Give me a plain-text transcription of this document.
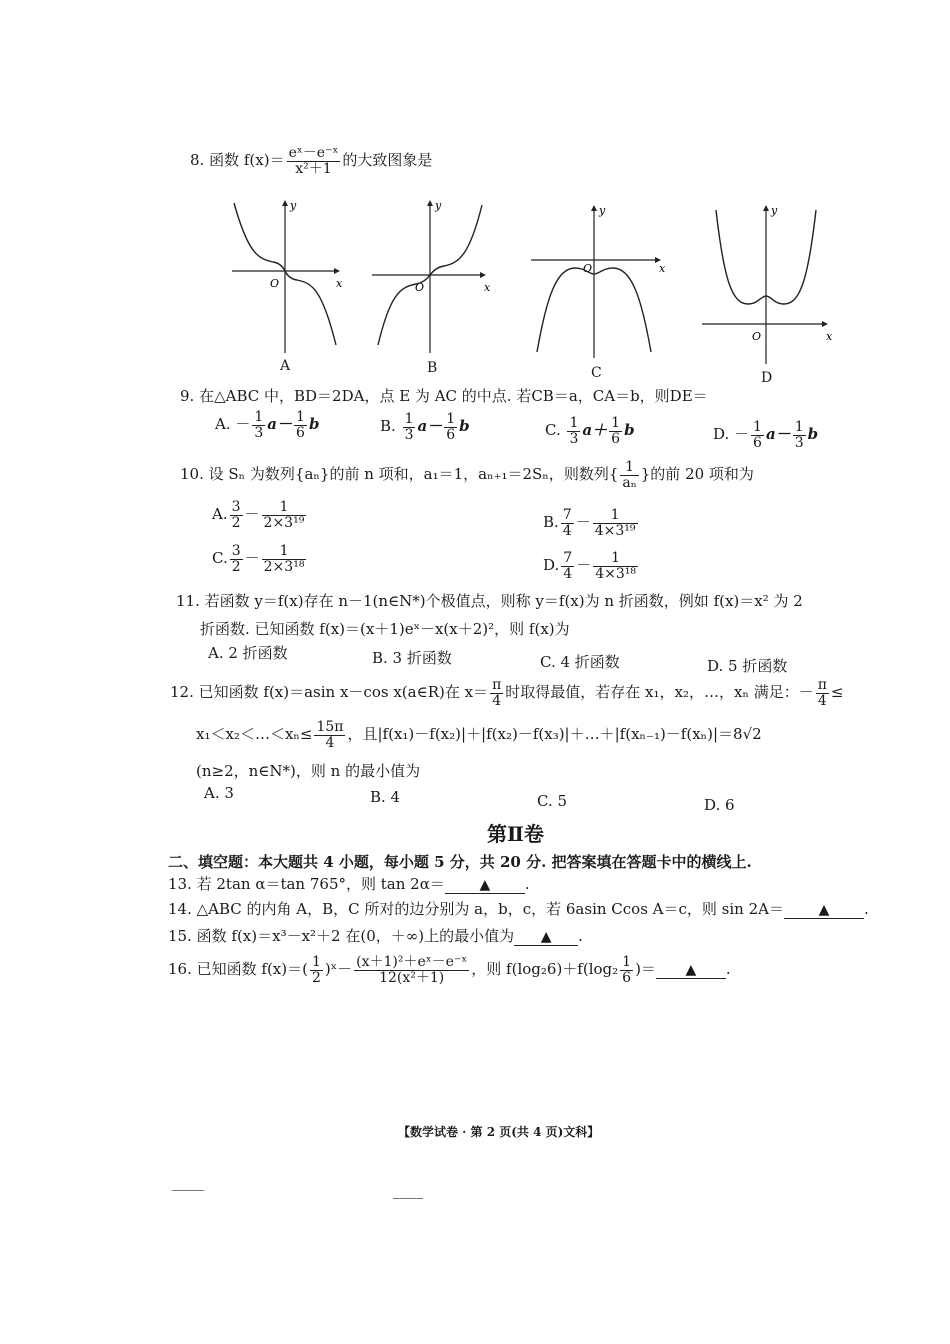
8. 函数 $f(x)= \frac{\text{eˣ－e⁻ˣ}}{\text{x²＋1}}$ 的大致图象是
y
x
O
A
y
x
O
B
y
x
O
C
y
x
O
D
9. 在△ABC 中，BD＝2DA，点 E 为 AC 的中点. 若CB＝a，CA＝b，则DE＝
A. － $\frac{1}{3} a- \frac{1}{6}$ b	B. $\frac{1}{3} a- \frac{1}{6}$ b	C. $\frac{1}{3} a+ \frac{1}{6}$ b	D. － $\frac{1}{6} a- \frac{1}{3}$ b
10. 设 Sₙ 为数列{aₙ}的前 n 项和，a₁＝1，aₙ₊₁＝2Sₙ，则数列{ $\frac{1}{\text{aₙ}}$ }的前 20 项和为
A. $\frac{3}{2} - \frac{1}{\text{2×3¹⁹}}$	B. $\frac{7}{4} - \frac{1}{\text{4×3¹⁹}}$
C. $\frac{3}{2} - \frac{1}{\text{2×3¹⁸}}$	D. $\frac{7}{4} - \frac{1}{\text{4×3¹⁸}}$
11. 若函数 y＝f(x)存在 n－1(n∈N*)个极值点，则称 y＝f(x)为 n 折函数，例如 f(x)＝x² 为 2
折函数. 已知函数 f(x)＝(x＋1)eˣ－x(x＋2)²，则 f(x)为
A. 2 折函数	B. 3 折函数	C. 4 折函数	D. 5 折函数
12. 已知函数 f(x)＝asin x－cos x(a∈R)在 $x= \frac{\pi}{4}$ 时取得最值，若存在 x₁，x₂，…，xₙ 满足：－ $\frac{\pi}{4}$ ≤
x₁＜x₂＜…＜xₙ≤ $\frac{15\pi}{4}$ ，且|f(x₁)－f(x₂)|＋|f(x₂)－f(x₃)|＋…＋|f(xₙ₋₁)－f(xₙ)|＝8√2
(n≥2，n∈N*)，则 n 的最小值为
A. 3	B. 4	C. 5	D. 6
第Ⅱ卷
二、填空题：本大题共 4 小题，每小题 5 分，共 20 分. 把答案填在答题卡中的横线上.
13. 若 2tan α＝tan 765°，则 tan 2α＝ ▲ .
14. △ABC 的内角 A，B，C 所对的边分别为 a，b，c，若 6asin Ccos A＝c，则 sin 2A＝ ▲ .
15. 函数 f(x)＝x³－x²＋2 在(0，＋∞)上的最小值为 ▲ .
16. 已知函数 $f(x)=( \frac{1}{2}$ )ˣ－ $\frac{\text{(x＋1)²＋eˣ－e⁻ˣ}}{\text{12(x²＋1)}}$ ，则 $f(\log_26)+f(\log_2 \frac{1}{6}$ )＝ ▲ .
【数学试卷 · 第 2 页(共 4 页)文科】
